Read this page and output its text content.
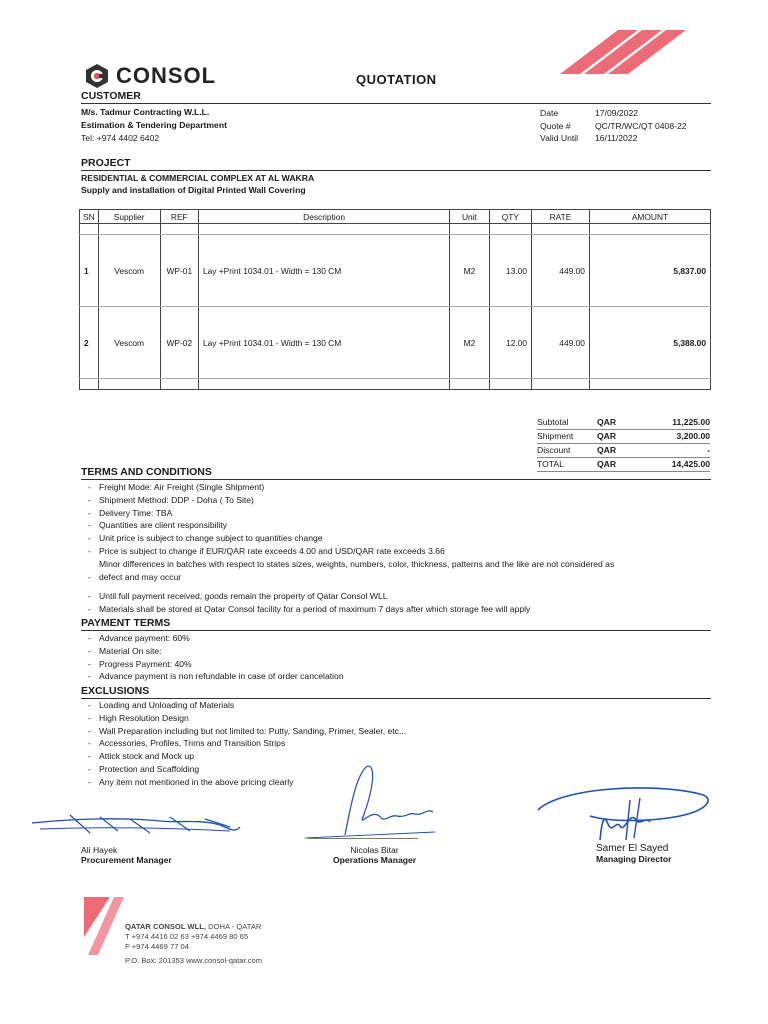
CONSOL	QUOTATION
CUSTOMER
M/s. Tadmur Contracting W.L.L.
Estimation & Tendering Department
Tel: +974 4402 6402
Date	17/09/2022
Quote #	QC/TR/WC/QT 0408-22
Valid Until	16/11/2022
PROJECT
RESIDENTIAL & COMMERCIAL COMPLEX AT AL WAKRA
Supply and installation of Digital Printed Wall Covering
SN	Supplier	REF	Description	Unit	QTY	RATE	AMOUNT

1	Vescom	WP-01	Lay +Print 1034.01 - Width = 130 CM	M2	13.00	449.00	5,837.00
2	Vescom	WP-02	Lay +Print 1034.01 - Width = 130 CM	M2	12.00	449.00	5,388.00

Subtotal	QAR	11,225.00
Shipment	QAR	3,200.00
Discount	QAR	-
TOTAL	QAR	14,425.00
TERMS AND CONDITIONS
- Freight Mode: Air Freight (Single Shipment)
- Shipment Method: DDP - Doha ( To Site)
- Delivery Time: TBA
- Quantities are client responsibility
- Unit price is subject to change subject to quantities change
- Price is subject to change if EUR/QAR rate exceeds 4.00 and USD/QAR rate exceeds 3.66
Minor differences in batches with respect to states sizes, weights, numbers, color, thickness, patterns and the like are not considered as
- defect and may occur
- Until full payment received, goods remain the property of Qatar Consol WLL
- Materials shall be stored at Qatar Consol facility for a period of maximum 7 days after which storage fee will apply
PAYMENT TERMS
- Advance payment: 60%
- Material On site:
- Progress Payment: 40%
- Advance payment is non refundable in case of order cancelation
EXCLUSIONS
- Loading and Unloading of Materials
- High Resolution Design
- Wall Preparation including but not limited to: Putty, Sanding, Primer, Sealer, etc...
- Accessories, Profiles, Trims and Transition Strips
- Attick stock and Mock up
- Protection and Scaffolding
- Any item not mentioned in the above pricing clearly
Ali Hayek
Procurement Manager
Nicolas Bitar
Operations Manager
Samer El Sayed
Managing Director
QATAR CONSOL WLL, DOHA - QATAR
T +974 4416 02 63 +974 4469 80 65
F +974 4469 77 04
P.O. Box: 201353 www.consol-qatar.com
